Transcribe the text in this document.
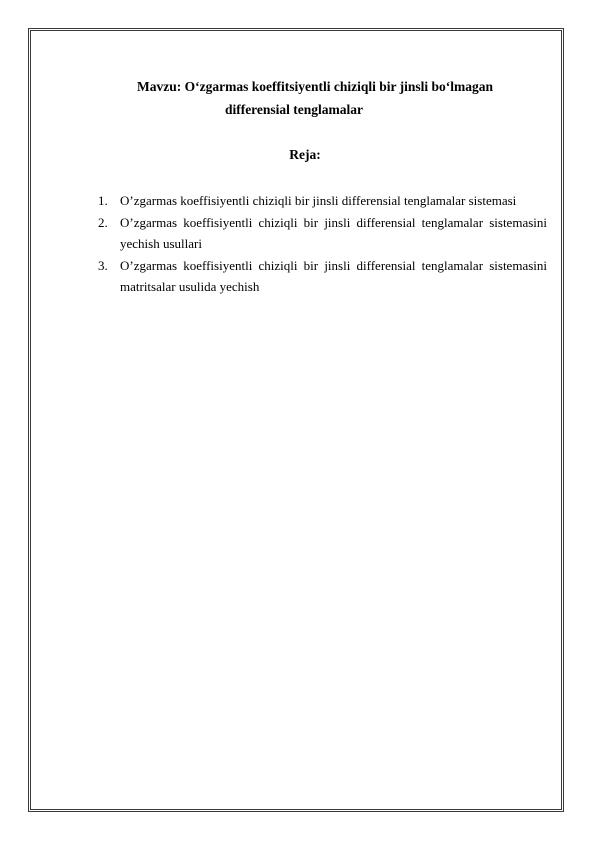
Mavzu: O‘zgarmas koeffitsiyentli chiziqli bir jinsli bo‘lmagan
differensial tenglamalar
Reja:
1. O’zgarmas koeffisiyentli chiziqli bir jinsli differensial tenglamalar sistemasi
2. O’zgarmas koeffisiyentli chiziqli bir jinsli differensial tenglamalar sistemasini yechish usullari
3. O’zgarmas koeffisiyentli chiziqli bir jinsli differensial tenglamalar sistemasini matritsalar usulida yechish
